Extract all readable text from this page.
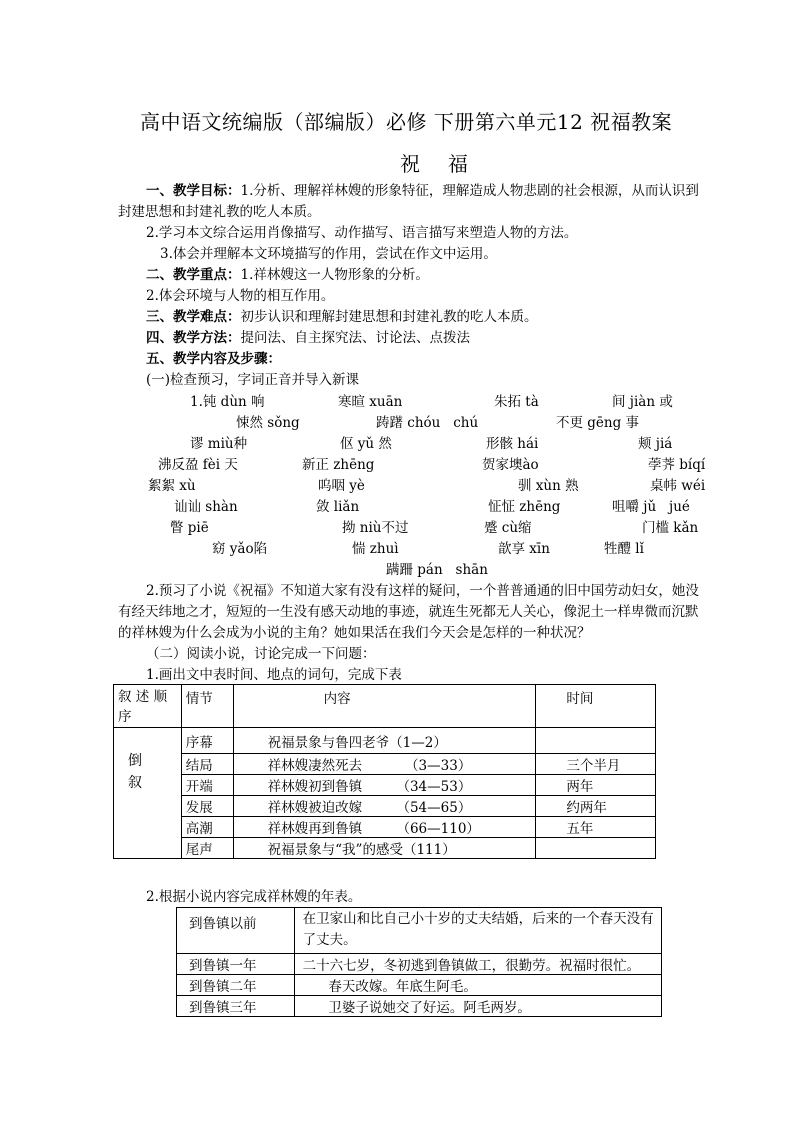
高中语文统编版（部编版）必修 下册第六单元12 祝福教案
祝    福
一、教学目标：1.分析、理解祥林嫂的形象特征，理解造成人物悲剧的社会根源，从而认识到
封建思想和封建礼教的吃人本质。
2.学习本文综合运用肖像描写、动作描写、语言描写来塑造人物的方法。
3.体会并理解本文环境描写的作用，尝试在作文中运用。
二、教学重点：1.祥林嫂这一人物形象的分析。
2.体会环境与人物的相互作用。
三、教学难点：初步认识和理解封建思想和封建礼教的吃人本质。
四、教学方法：提问法、自主探究法、讨论法、点拨法
五、教学内容及步骤：
(一)检查预习，字词正音并导入新课
1.钝 dùn 响	寒暄 xuān	朱拓 tà	间 jiàn 或
悚然 sǒng	踌躇 chóu   chú	不更 gēng 事
谬 miù种	伛 yǔ 然	形骸 hái	颊 jiá
沸反盈 fèi 天	新正 zhēng	贺家墺ào	荸荠 bíqí
絮絮 xù	呜咽 yè	驯 xùn 熟	桌帏 wéi
讪讪 shàn	敛 liǎn	怔怔 zhēng	咀嚼 jǔ   jué
瞥 piē	拗 niù不过	蹙 cù缩	门槛 kǎn
窈 yǎo陷	惴 zhuì	歆享 xīn	牲醴 lǐ
蹒跚 pán   shān
2.预习了小说《祝福》不知道大家有没有这样的疑问，一个普普通通的旧中国劳动妇女，她没
有经天纬地之才，短短的一生没有感天动地的事迹，就连生死都无人关心，像泥土一样卑微而沉默
的祥林嫂为什么会成为小说的主角？她如果活在我们今天会是怎样的一种状况？
（二）阅读小说，讨论完成一下问题：
1.画出文中表时间、地点的词句，完成下表
叙 述 顺 序	情节	内容	时间

倒叙	序幕	祝福景象与鲁四老爷（1—2）	
	结局	祥林嫂凄然死去          （3—33）	三个半月
	开端	祥林嫂初到鲁镇        （34—53）	两年
	发展	祥林嫂被迫改嫁        （54—65）	约两年
	高潮	祥林嫂再到鲁镇        （66—110）	五年
	尾声	祝福景象与“我”的感受（111）	
2.根据小说内容完成祥林嫂的年表。
到鲁镇以前	在卫家山和比自己小十岁的丈夫结婚，后来的一个春天没有了丈夫。
到鲁镇一年	二十六七岁，冬初逃到鲁镇做工，很勤劳。祝福时很忙。
到鲁镇二年	春天改嫁。年底生阿毛。
到鲁镇三年	卫婆子说她交了好运。阿毛两岁。
